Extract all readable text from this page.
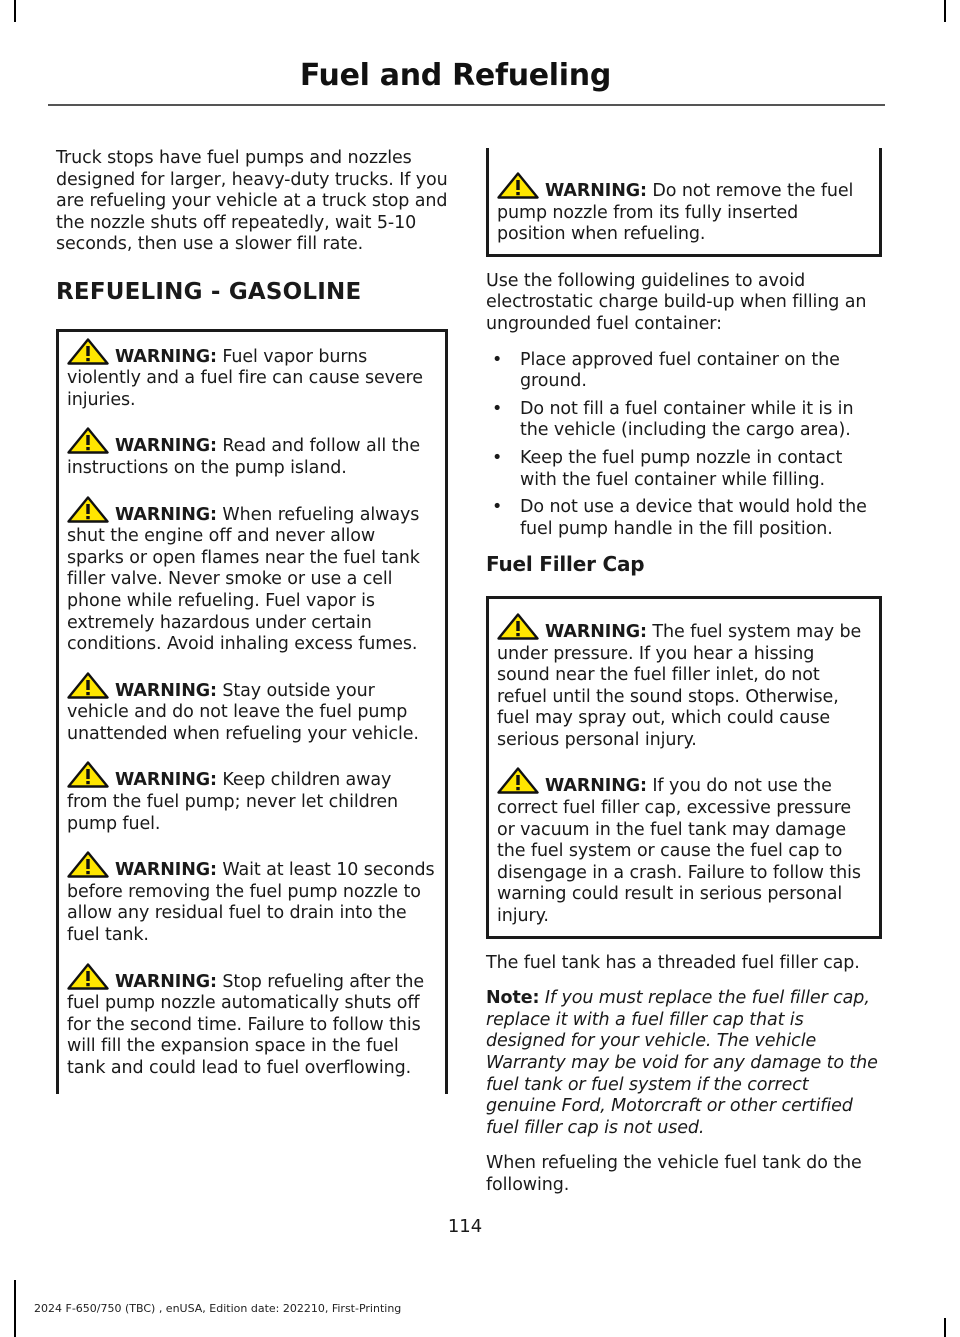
Fuel and Refueling

Truck stops have fuel pumps and nozzles designed for larger, heavy-duty trucks. If you are refueling your vehicle at a truck stop and the nozzle shuts off repeatedly, wait 5-10 seconds, then use a slower fill rate.

REFUELING - GASOLINE
WARNING: Fuel vapor burns violently and a fuel fire can cause severe injuries.
WARNING: Read and follow all the instructions on the pump island.
WARNING: When refueling always shut the engine off and never allow sparks or open flames near the fuel tank filler valve. Never smoke or use a cell phone while refueling. Fuel vapor is extremely hazardous under certain conditions. Avoid inhaling excess fumes.
WARNING: Stay outside your vehicle and do not leave the fuel pump unattended when refueling your vehicle.
WARNING: Keep children away from the fuel pump; never let children pump fuel.
WARNING: Wait at least 10 seconds before removing the fuel pump nozzle to allow any residual fuel to drain into the fuel tank.
WARNING: Stop refueling after the fuel pump nozzle automatically shuts off for the second time. Failure to follow this will fill the expansion space in the fuel tank and could lead to fuel overflowing.
WARNING: Do not remove the fuel pump nozzle from its fully inserted position when refueling.

Use the following guidelines to avoid electrostatic charge build-up when filling an ungrounded fuel container:

• Place approved fuel container on the ground.
• Do not fill a fuel container while it is in the vehicle (including the cargo area).
• Keep the fuel pump nozzle in contact with the fuel container while filling.
• Do not use a device that would hold the fuel pump handle in the fill position.
Fuel Filler Cap
WARNING: The fuel system may be under pressure. If you hear a hissing sound near the fuel filler inlet, do not refuel until the sound stops. Otherwise, fuel may spray out, which could cause serious personal injury.
WARNING: If you do not use the correct fuel filler cap, excessive pressure or vacuum in the fuel tank may damage the fuel system or cause the fuel cap to disengage in a crash. Failure to follow this warning could result in serious personal injury.

The fuel tank has a threaded fuel filler cap.

Note: If you must replace the fuel filler cap, replace it with a fuel filler cap that is designed for your vehicle. The vehicle Warranty may be void for any damage to the fuel tank or fuel system if the correct genuine Ford, Motorcraft or other certified fuel filler cap is not used.

When refueling the vehicle fuel tank do the following.

114
2024 F-650/750 (TBC) , enUSA, Edition date: 202210, First-Printing
